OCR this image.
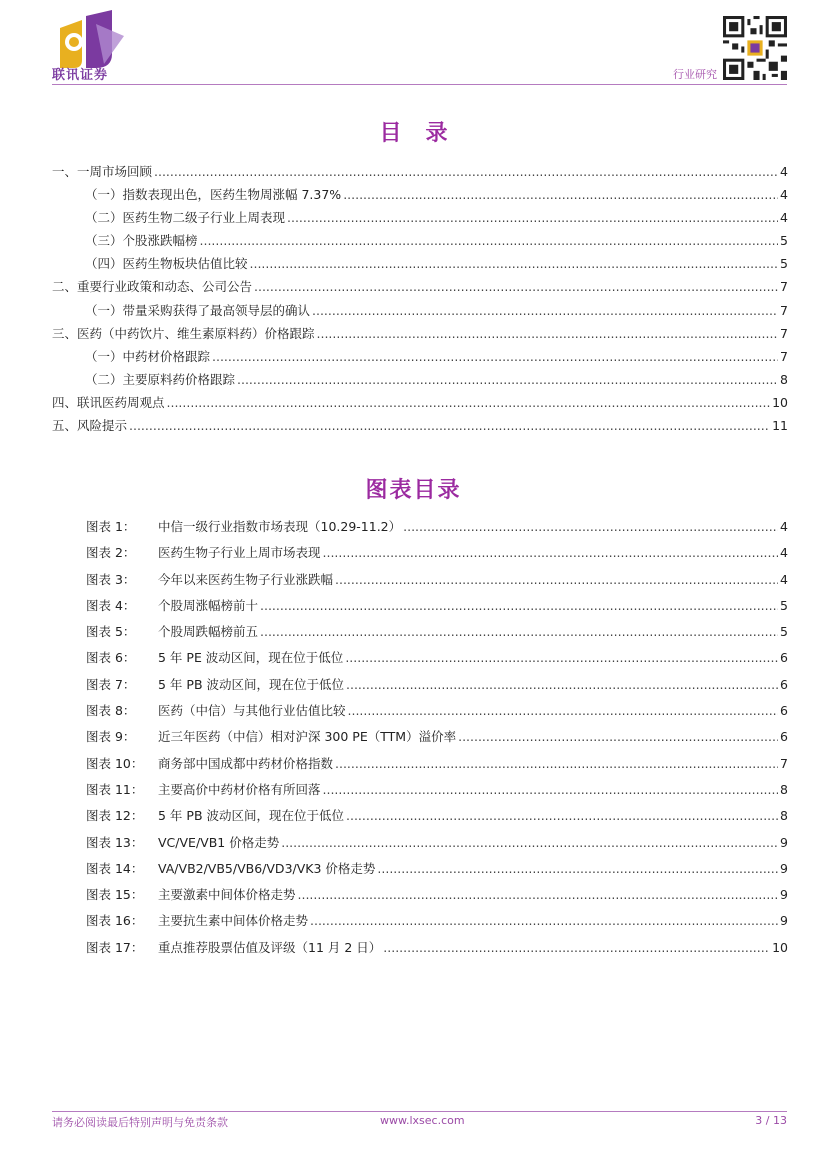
联讯证券	行业研究
目录
一、一周市场回顾 .....	4
（一）指数表现出色，医药生物周涨幅 7.37% .....	4
（二）医药生物二级子行业上周表现 .....	4
（三）个股涨跌幅榜 .....	5
（四）医药生物板块估值比较 .....	5
二、重要行业政策和动态、公司公告 .....	7
（一）带量采购获得了最高领导层的确认 .....	7
三、医药（中药饮片、维生素原料药）价格跟踪 .....	7
（一）中药材价格跟踪 .....	7
（二）主要原料药价格跟踪 .....	8
四、联讯医药周观点 .....	10
五、风险提示 .....	11
图表目录
图表 1：	中信一级行业指数市场表现（10.29-11.2） .....	4
图表 2：	医药生物子行业上周市场表现 .....	4
图表 3：	今年以来医药生物子行业涨跌幅 .....	4
图表 4：	个股周涨幅榜前十 .....	5
图表 5：	个股周跌幅榜前五 .....	5
图表 6：	5 年 PE 波动区间，现在位于低位 .....	6
图表 7：	5 年 PB 波动区间，现在位于低位 .....	6
图表 8：	医药（中信）与其他行业估值比较 .....	6
图表 9：	近三年医药（中信）相对沪深 300 PE（TTM）溢价率 .....	6
图表 10：	商务部中国成都中药材价格指数 .....	7
图表 11：	主要高价中药材价格有所回落 .....	8
图表 12：	5 年 PB 波动区间，现在位于低位 .....	8
图表 13：	VC/VE/VB1 价格走势 .....	9
图表 14：	VA/VB2/VB5/VB6/VD3/VK3 价格走势 .....	9
图表 15：	主要激素中间体价格走势 .....	9
图表 16：	主要抗生素中间体价格走势 .....	9
图表 17：	重点推荐股票估值及评级（11 月 2 日） .....	10
请务必阅读最后特别声明与免责条款	www.lxsec.com	3 / 13
